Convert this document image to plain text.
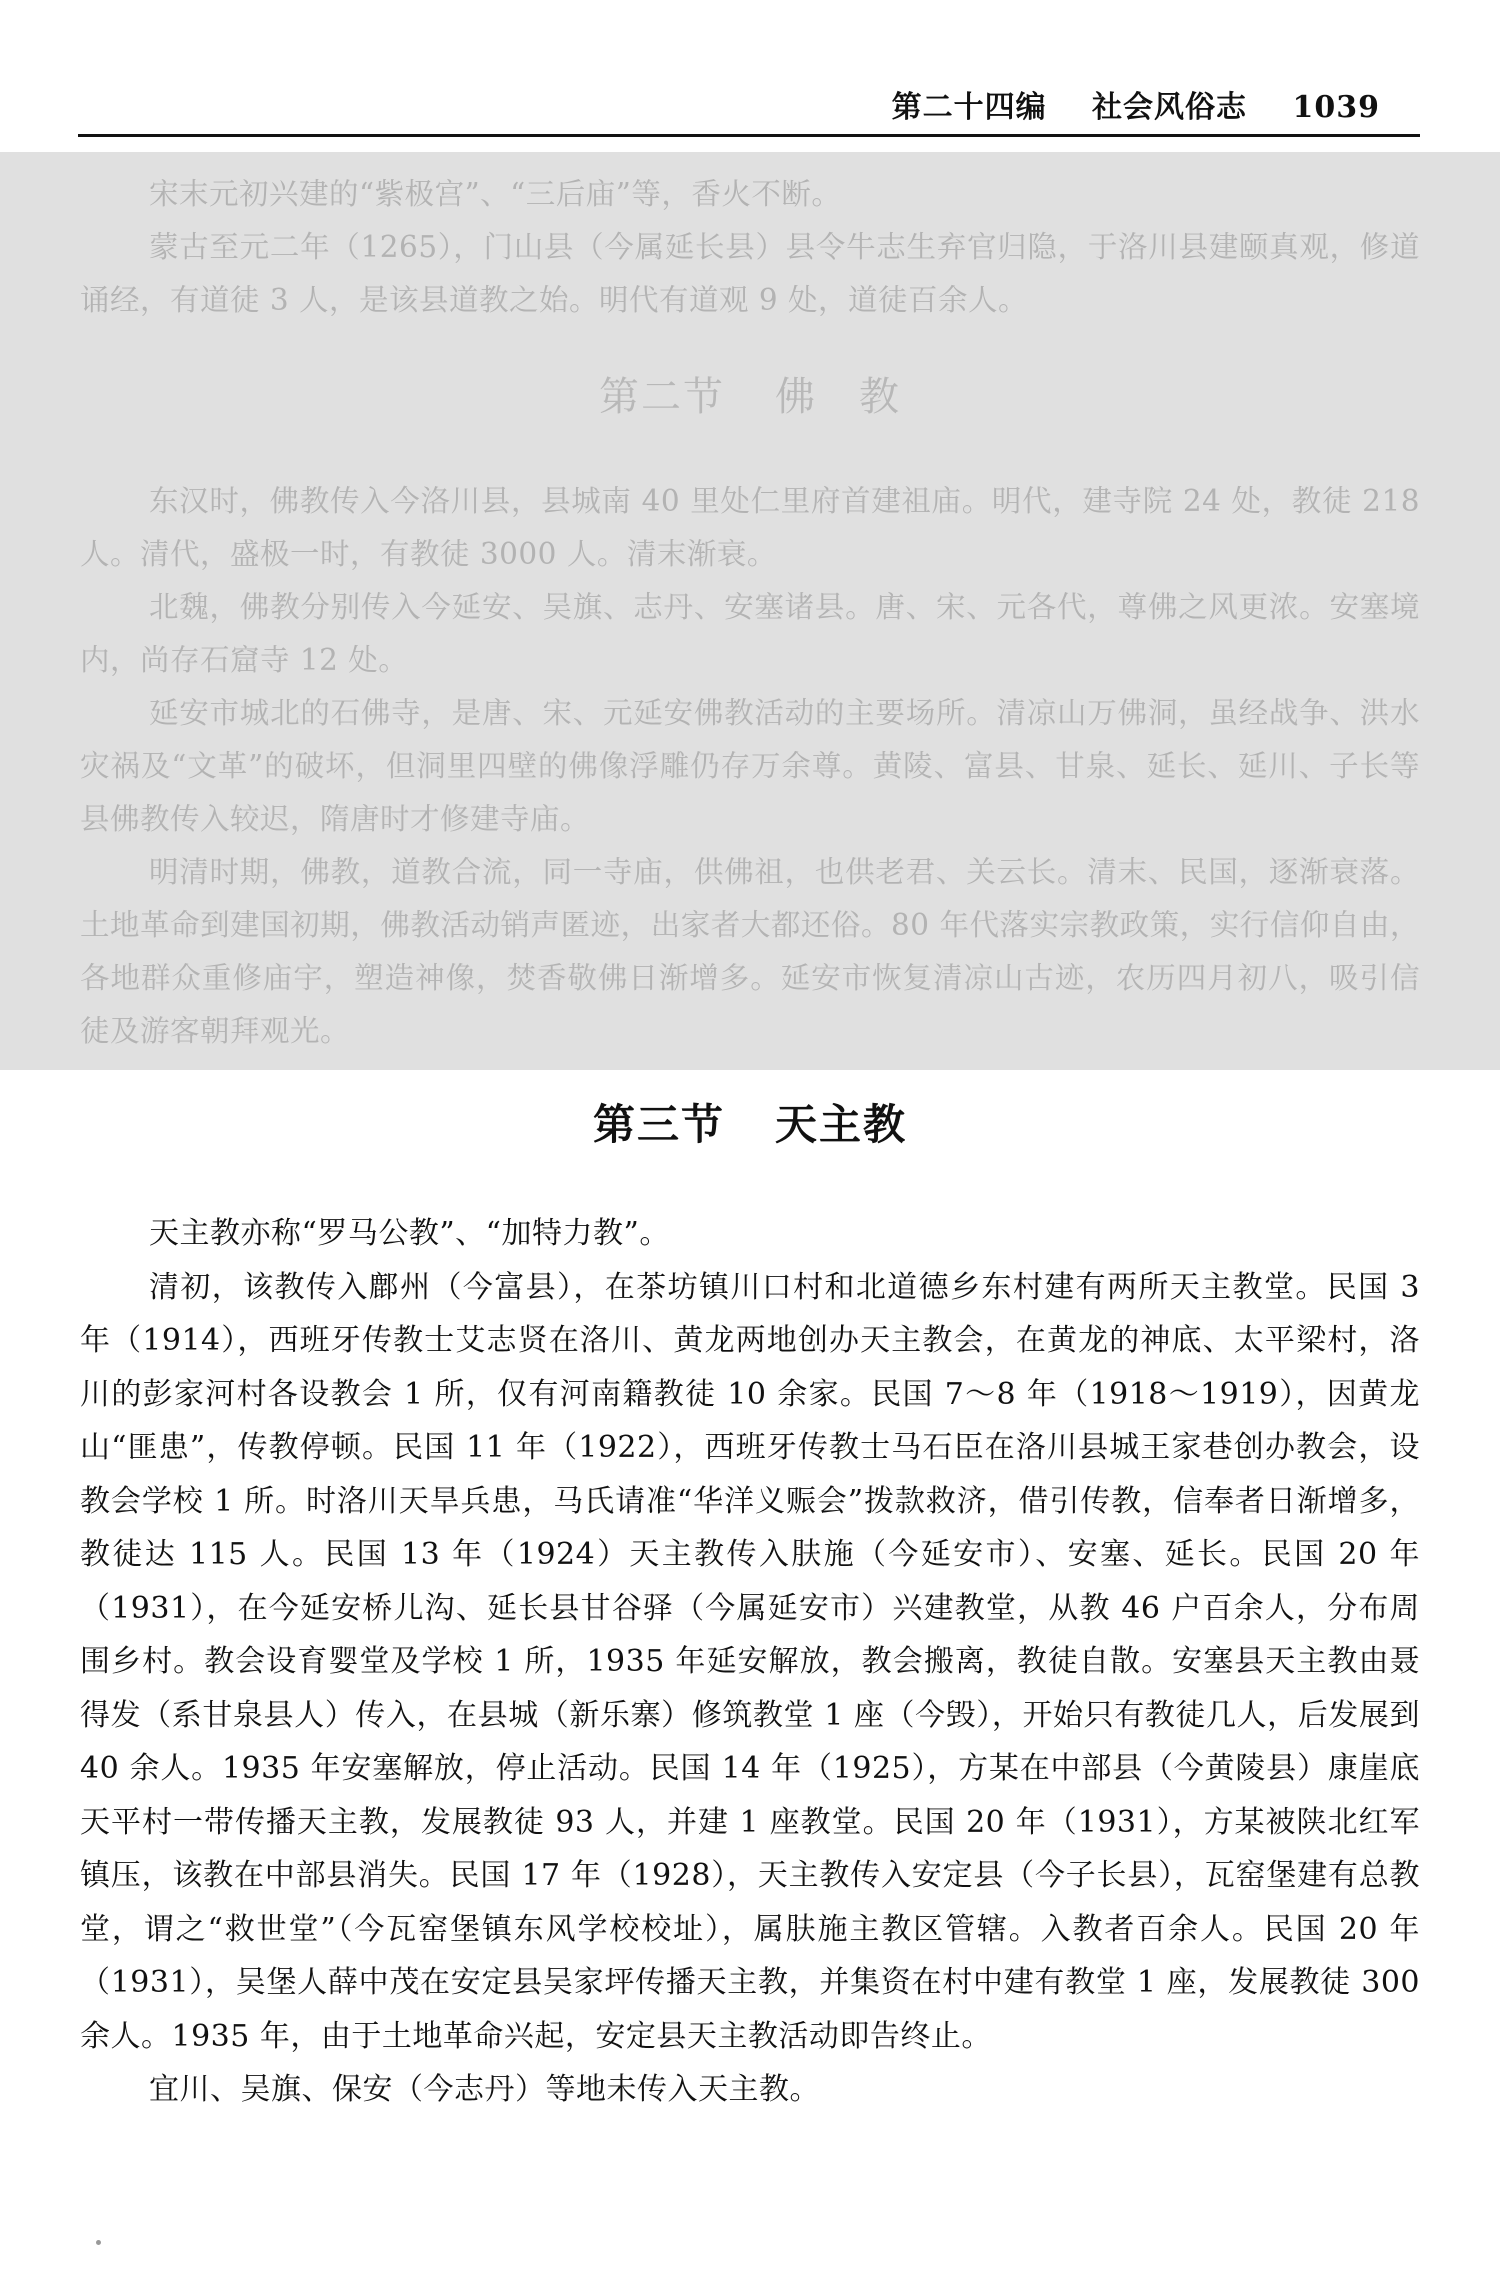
第二十四编 社会风俗志 1039

宋末元初兴建的“紫极宫”、“三后庙”等，香火不断。

蒙古至元二年（1265），门山县（今属延长县）县令牛志生弃官归隐，于洛川县建颐真观，修道诵经，有道徒 3 人，是该县道教之始。明代有道观 9 处，道徒百余人。

第二节 佛　教

东汉时，佛教传入今洛川县，县城南 40 里处仁里府首建祖庙。明代，建寺院 24 处，教徒 218 人。清代，盛极一时，有教徒 3000 人。清末渐衰。

北魏，佛教分别传入今延安、吴旗、志丹、安塞诸县。唐、宋、元各代，尊佛之风更浓。安塞境内，尚存石窟寺 12 处。

延安市城北的石佛寺，是唐、宋、元延安佛教活动的主要场所。清凉山万佛洞，虽经战争、洪水灾祸及“文革”的破坏，但洞里四壁的佛像浮雕仍存万余尊。黄陵、富县、甘泉、延长、延川、子长等县佛教传入较迟，隋唐时才修建寺庙。

明清时期，佛教，道教合流，同一寺庙，供佛祖，也供老君、关云长。清末、民国，逐渐衰落。土地革命到建国初期，佛教活动销声匿迹，出家者大都还俗。80 年代落实宗教政策，实行信仰自由，各地群众重修庙宇，塑造神像，焚香敬佛日渐增多。延安市恢复清凉山古迹，农历四月初八，吸引信徒及游客朝拜观光。

第三节 天主教

天主教亦称“罗马公教”、“加特力教”。

清初，该教传入鄜州（今富县），在茶坊镇川口村和北道德乡东村建有两所天主教堂。民国 3 年（1914），西班牙传教士艾志贤在洛川、黄龙两地创办天主教会，在黄龙的神底、太平梁村，洛川的彭家河村各设教会 1 所，仅有河南籍教徒 10 余家。民国 7～8 年（1918～1919），因黄龙山“匪患”，传教停顿。民国 11 年（1922），西班牙传教士马石臣在洛川县城王家巷创办教会，设教会学校 1 所。时洛川天旱兵患，马氏请准“华洋义赈会”拨款救济，借引传教，信奉者日渐增多，教徒达 115 人。民国 13 年（1924）天主教传入肤施（今延安市）、安塞、延长。民国 20 年（1931），在今延安桥儿沟、延长县甘谷驿（今属延安市）兴建教堂，从教 46 户百余人，分布周围乡村。教会设育婴堂及学校 1 所，1935 年延安解放，教会搬离，教徒自散。安塞县天主教由聂得发（系甘泉县人）传入，在县城（新乐寨）修筑教堂 1 座（今毁），开始只有教徒几人，后发展到 40 余人。1935 年安塞解放，停止活动。民国 14 年（1925），方某在中部县（今黄陵县）康崖底天平村一带传播天主教，发展教徒 93 人，并建 1 座教堂。民国 20 年（1931），方某被陕北红军镇压，该教在中部县消失。民国 17 年（1928），天主教传入安定县（今子长县），瓦窑堡建有总教堂，谓之“救世堂”（今瓦窑堡镇东风学校校址），属肤施主教区管辖。入教者百余人。民国 20 年（1931），吴堡人薛中茂在安定县吴家坪传播天主教，并集资在村中建有教堂 1 座，发展教徒 300 余人。1935 年，由于土地革命兴起，安定县天主教活动即告终止。

宜川、吴旗、保安（今志丹）等地未传入天主教。
